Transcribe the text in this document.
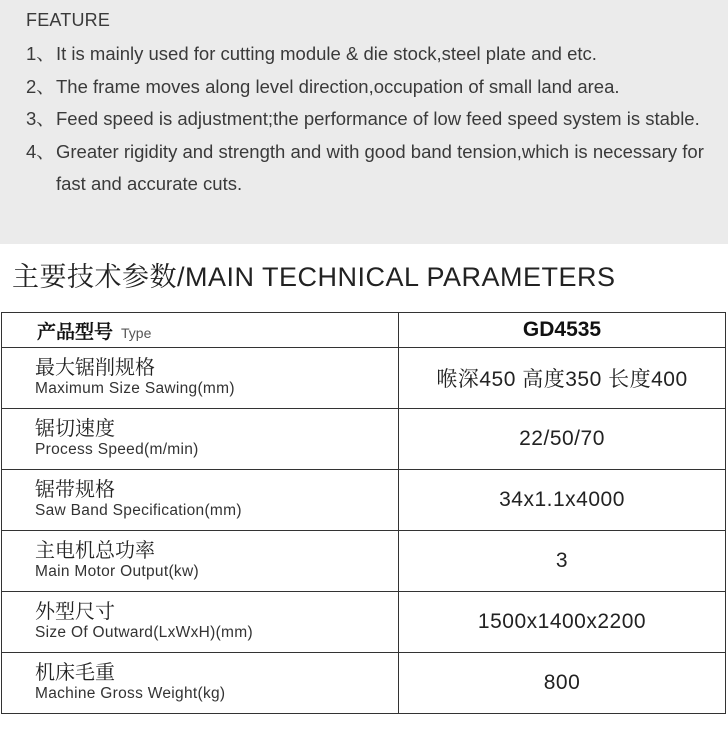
FEATURE
1、 It is mainly used for cutting module & die stock,steel plate and etc.
2、 The frame moves along level direction,occupation of small land area.
3、 Feed speed is adjustment;the performance of low feed speed system is stable.
4、 Greater rigidity and strength and with good band tension,which is necessary for fast and accurate cuts.
主要技术参数/MAIN TECHNICAL PARAMETERS
产品型号 Type	GD4535

最大锯削规格
Maximum Size Sawing(mm)	喉深450 高度350 长度400

锯切速度
Process Speed(m/min)	22/50/70

锯带规格
Saw Band Specification(mm)	34x1.1x4000

主电机总功率
Main Motor Output(kw)	3

外型尺寸
Size Of Outward(LxWxH)(mm)	1500x1400x2200

机床毛重
Machine Gross Weight(kg)	800
